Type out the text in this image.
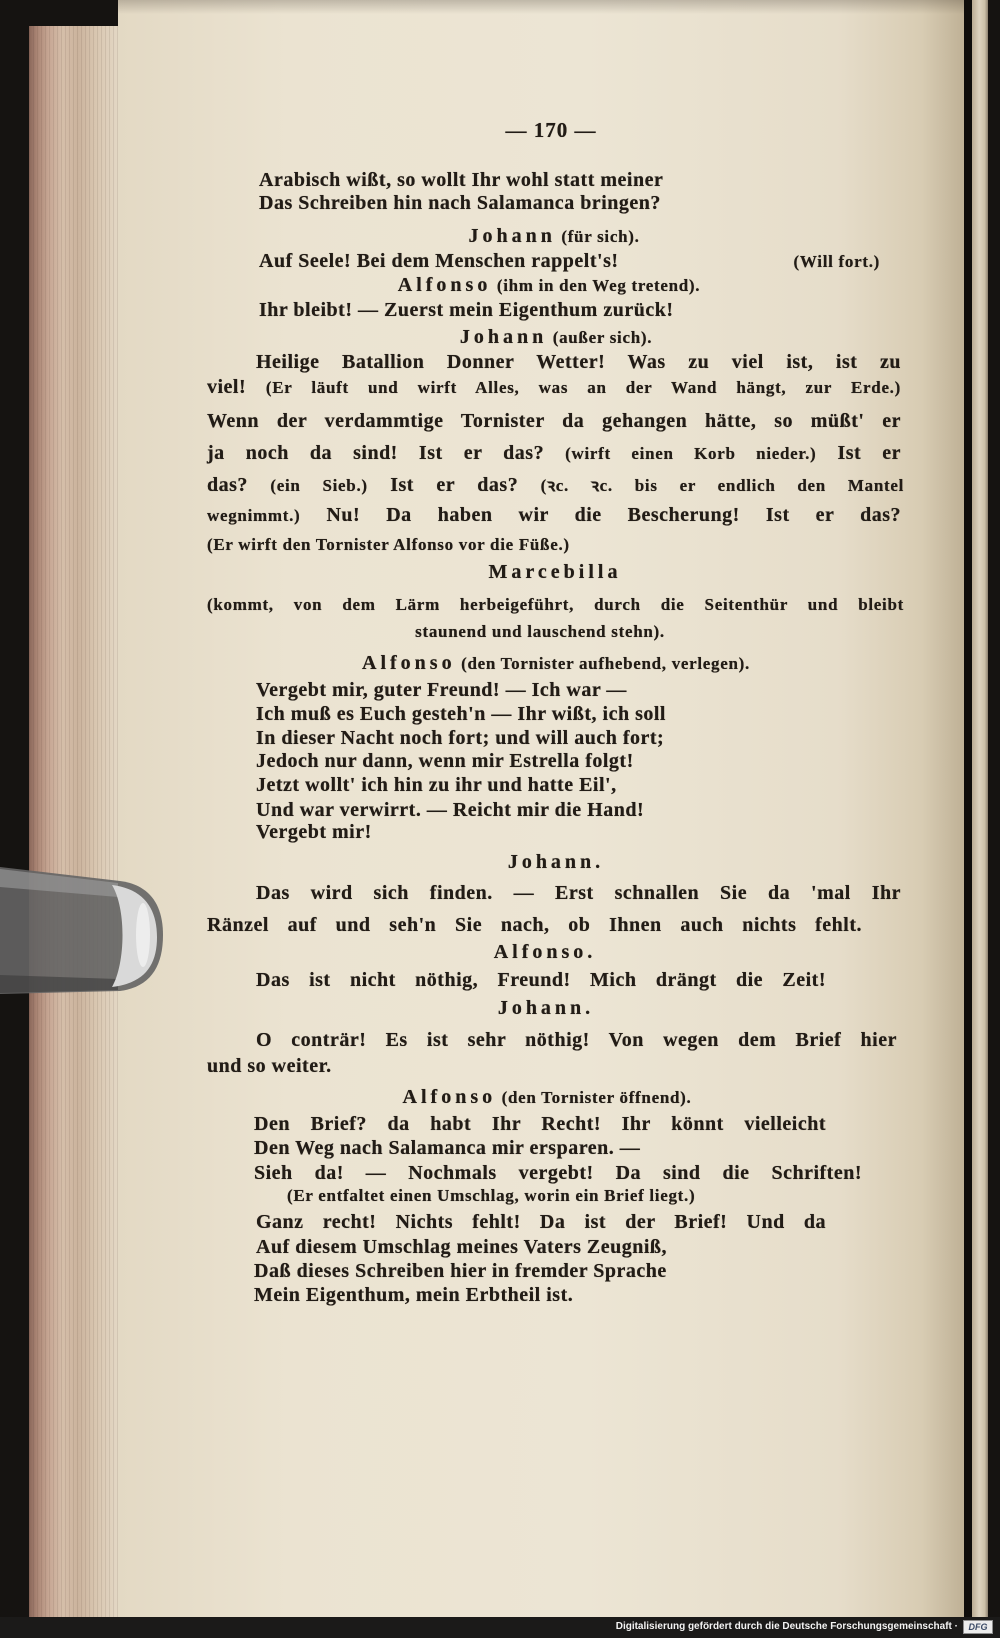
— 170 —
Arabisch wißt, so wollt Ihr wohl statt meiner
Das Schreiben hin nach Salamanca bringen?
Johann (für sich).
Auf Seele! Bei dem Menschen rappelt's!	(Will fort.)
Alfonso (ihm in den Weg tretend).
Ihr bleibt! — Zuerst mein Eigenthum zurück!
Johann (außer sich).
Heilige Batallion Donner Wetter! Was zu viel ist, ist zu
viel! (Er läuft und wirft Alles, was an der Wand hängt, zur Erde.)
Wenn der verdammtige Tornister da gehangen hätte, so müßt' er
ja noch da sind! Ist er das? (wirft einen Korb nieder.) Ist er
das? (ein Sieb.) Ist er das? (ꝛc. ꝛc. bis er endlich den Mantel
wegnimmt.) Nu! Da haben wir die Bescherung! Ist er das?
(Er wirft den Tornister Alfonso vor die Füße.)
Marcebilla
(kommt, von dem Lärm herbeigeführt, durch die Seitenthür und bleibt
staunend und lauschend stehn).
Alfonso (den Tornister aufhebend, verlegen).
Vergebt mir, guter Freund! — Ich war —
Ich muß es Euch gesteh'n — Ihr wißt, ich soll
In dieser Nacht noch fort; und will auch fort;
Jedoch nur dann, wenn mir Estrella folgt!
Jetzt wollt' ich hin zu ihr und hatte Eil',
Und war verwirrt. — Reicht mir die Hand!
Vergebt mir!
Johann.
Das wird sich finden. — Erst schnallen Sie da 'mal Ihr
Ränzel auf und seh'n Sie nach, ob Ihnen auch nichts fehlt.
Alfonso.
Das ist nicht nöthig, Freund! Mich drängt die Zeit!
Johann.
O conträr! Es ist sehr nöthig! Von wegen dem Brief hier
und so weiter.
Alfonso (den Tornister öffnend).
Den Brief? da habt Ihr Recht! Ihr könnt vielleicht
Den Weg nach Salamanca mir ersparen. —
Sieh da! — Nochmals vergebt! Da sind die Schriften!
(Er entfaltet einen Umschlag, worin ein Brief liegt.)
Ganz recht! Nichts fehlt! Da ist der Brief! Und da
Auf diesem Umschlag meines Vaters Zeugniß,
Daß dieses Schreiben hier in fremder Sprache
Mein Eigenthum, mein Erbtheil ist.
Digitalisierung gefördert durch die Deutsche Forschungsgemeinschaft ·	DFG
